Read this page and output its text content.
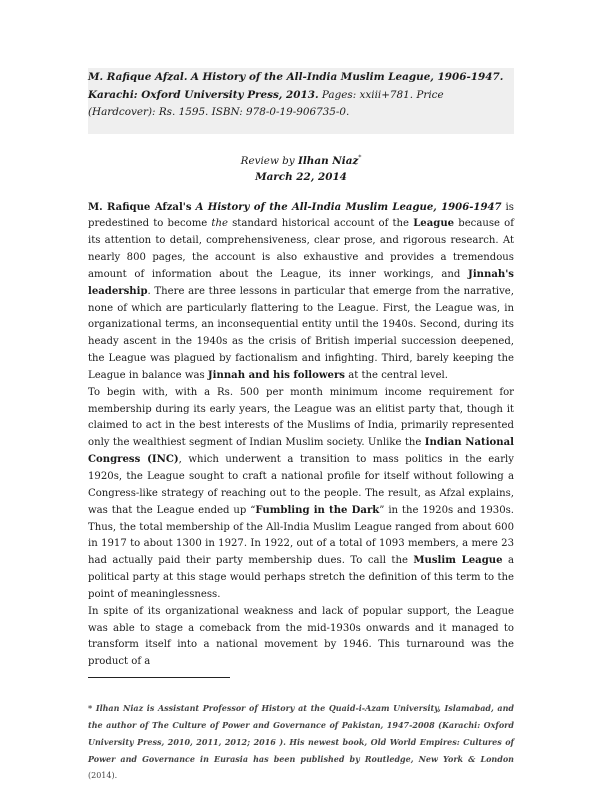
M. Rafique Afzal. A History of the All-India Muslim League, 1906-1947. Karachi: Oxford University Press, 2013. Pages: xxiii+781. Price (Hardcover): Rs. 1595. ISBN: 978-0-19-906735-0.
Review by Ilhan Niaz*
March 22, 2014

M. Rafique Afzal's A History of the All-India Muslim League, 1906-1947 is predestined to become the standard historical account of the League because of its attention to detail, comprehensiveness, clear prose, and rigorous research. At nearly 800 pages, the account is also exhaustive and provides a tremendous amount of information about the League, its inner workings, and Jinnah's leadership. There are three lessons in particular that emerge from the narrative, none of which are particularly flattering to the League. First, the League was, in organizational terms, an inconsequential entity until the 1940s. Second, during its heady ascent in the 1940s as the crisis of British imperial succession deepened, the League was plagued by factionalism and infighting. Third, barely keeping the League in balance was Jinnah and his followers at the central level.

To begin with, with a Rs. 500 per month minimum income requirement for membership during its early years, the League was an elitist party that, though it claimed to act in the best interests of the Muslims of India, primarily represented only the wealthiest segment of Indian Muslim society. Unlike the Indian National Congress (INC), which underwent a transition to mass politics in the early 1920s, the League sought to craft a national profile for itself without following a Congress-like strategy of reaching out to the people. The result, as Afzal explains, was that the League ended up “Fumbling in the Dark” in the 1920s and 1930s. Thus, the total membership of the All-India Muslim League ranged from about 600 in 1917 to about 1300 in 1927. In 1922, out of a total of 1093 members, a mere 23 had actually paid their party membership dues. To call the Muslim League a political party at this stage would perhaps stretch the definition of this term to the point of meaninglessness.

In spite of its organizational weakness and lack of popular support, the League was able to stage a comeback from the mid-1930s onwards and it managed to transform itself into a national movement by 1946. This turnaround was the product of a

* Ilhan Niaz is Assistant Professor of History at the Quaid-i-Azam University, Islamabad, and the author of The Culture of Power and Governance of Pakistan, 1947-2008 (Karachi: Oxford University Press, 2010, 2011, 2012; 2016 ). His newest book, Old World Empires: Cultures of Power and Governance in Eurasia has been published by Routledge, New York & London (2014).
